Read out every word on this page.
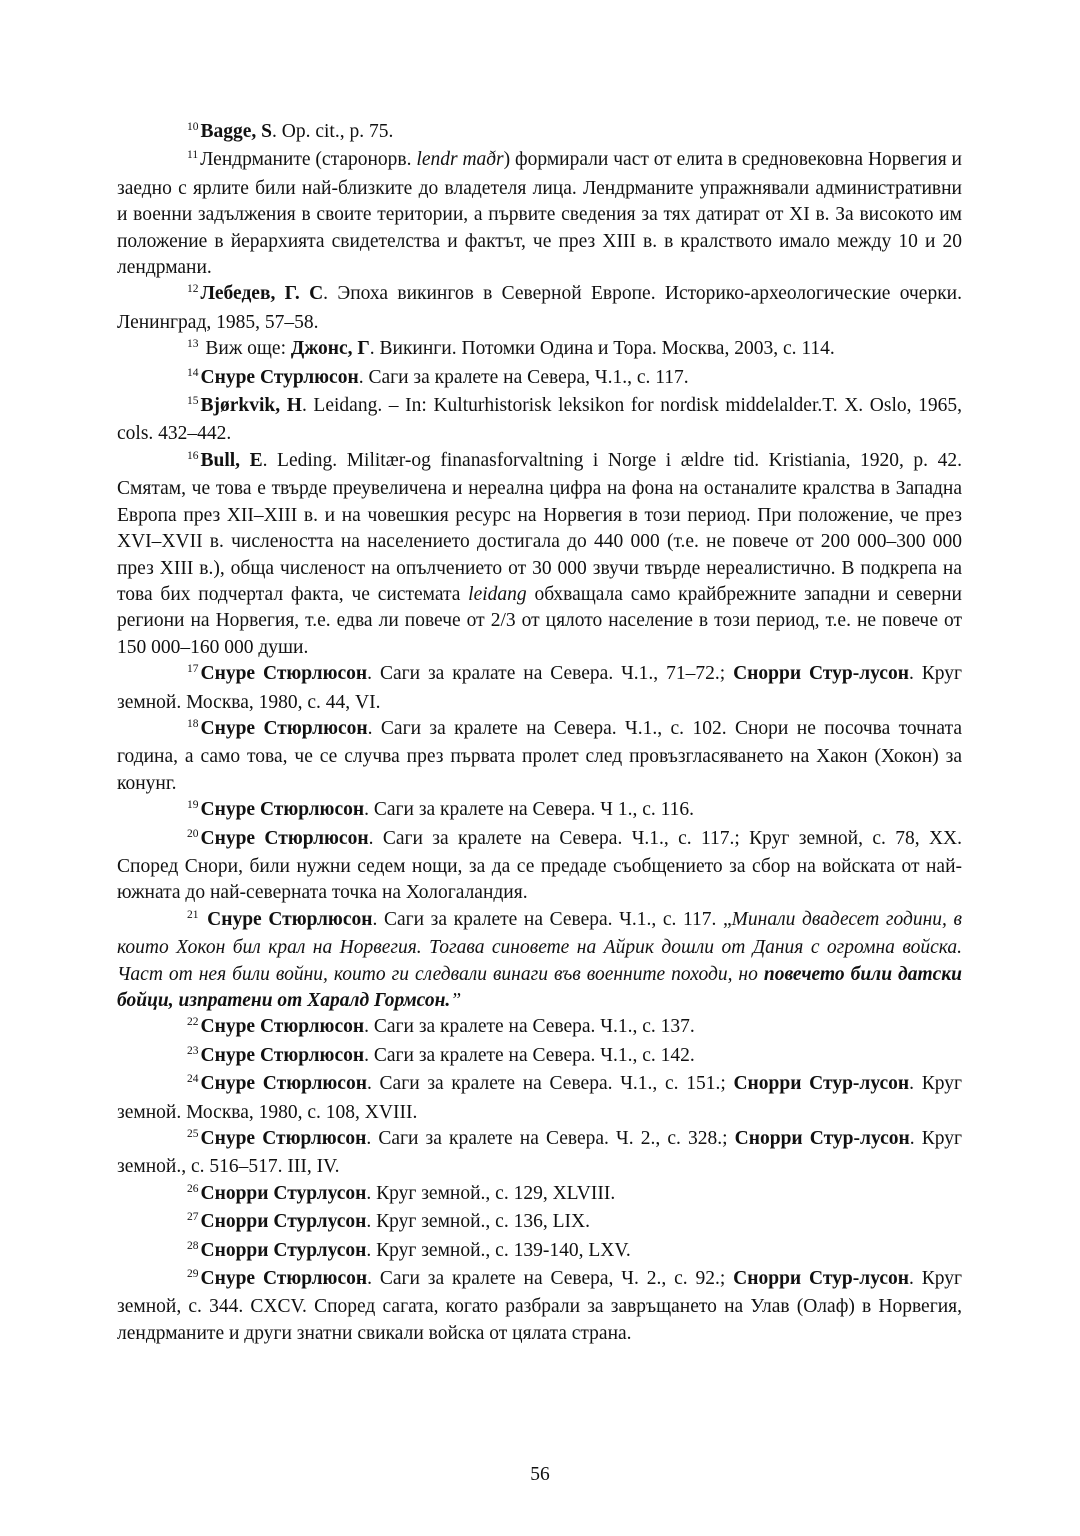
$^{10}$ Bagge, S. Op. cit., p. 75.

$^{11}$ Лендрманите (старонорв. lendr maðr) формирали част от елита в средновековна Норвегия и заедно с ярлите били най-близките до владетеля лица. Лендрманите упражнявали административни и военни задължения в своите територии, а първите сведения за тях датират от XI в. За високото им положение в йерархията свидетелства и фактът, че през XIII в. в кралството имало между 10 и 20 лендрмани.

$^{12}$ Лебедев, Г. С. Эпоха викингов в Северной Европе. Историко-археологические очерки. Ленинград, 1985, 57–58.

$^{13}$ Виж още: Джонс, Г. Викинги. Потомки Одина и Тора. Москва, 2003, с. 114.

$^{14}$ Снуре Стурлюсон. Саги за кралете на Севера, Ч.1., с. 117.

$^{15}$ Bjørkvik, H. Leidang. – In: Kulturhistorisk leksikon for nordisk middelalder.T. X. Oslo, 1965, cols. 432–442.

$^{16}$ Bull, E. Leding. Militær-og finanasforvaltning i Norge i ældre tid. Kristiania, 1920, p. 42. Смятам, че това е твърде преувеличена и нереална цифра на фона на останалите кралства в Западна Европа през XII–XIII в. и на човешкия ресурс на Норвегия в този период. При положение, че през XVI–XVII в. числеността на населението достигала до 440 000 (т.е. не повече от 200 000–300 000 през XIII в.), обща численост на опълчението от 30 000 звучи твърде нереалистично. В подкрепа на това бих подчертал факта, че системата leidang обхващала само крайбрежните западни и северни региони на Норвегия, т.е. едва ли повече от 2/3 от цялото население в този период, т.е. не повече от 150 000–160 000 души.

$^{17}$ Снуре Стюрлюсон. Саги за кралате на Севера. Ч.1., 71–72.; Снорри Стур-лусон. Круг земной. Москва, 1980, с. 44, VI.

$^{18}$ Снуре Стюрлюсон. Саги за кралете на Севера. Ч.1., с. 102. Снори не посочва точната година, а само това, че се случва през първата пролет след провъзгласяването на Хакон (Хокон) за конунг.

$^{19}$ Снуре Стюрлюсон. Саги за кралете на Севера. Ч 1., с. 116.

$^{20}$ Снуре Стюрлюсон. Саги за кралете на Севера. Ч.1., с. 117.; Круг земной, с. 78, XX. Според Снори, били нужни седем нощи, за да се предаде съобщението за сбор на войската от най-южната до най-северната точка на Хологаландия.

$^{21}$ Снуре Стюрлюсон. Саги за кралете на Севера. Ч.1., с. 117. „Минали двадесет години, в които Хокон бил крал на Норвегия. Тогава синовете на Айрик дошли от Дания с огромна войска. Част от нея били войни, които ги следвали винаги във военните походи, но повечето били датски бойци, изпратени от Харалд Гормсон.”

$^{22}$ Снуре Стюрлюсон. Саги за кралете на Севера. Ч.1., с. 137.

$^{23}$ Снуре Стюрлюсон. Саги за кралете на Севера. Ч.1., с. 142.

$^{24}$ Снуре Стюрлюсон. Саги за кралете на Севера. Ч.1., с. 151.; Снорри Стур-лусон. Круг земной. Москва, 1980, с. 108, XVIII.

$^{25}$ Снуре Стюрлюсон. Саги за кралете на Севера. Ч. 2., с. 328.; Снорри Стур-лусон. Круг земной., с. 516–517. III, IV.

$^{26}$ Снорри Стурлусон. Круг земной., с. 129, XLVIII.

$^{27}$ Снорри Стурлусон. Круг земной., с. 136, LIX.

$^{28}$ Снорри Стурлусон. Круг земной., с. 139-140, LXV.

$^{29}$ Снуре Стюрлюсон. Саги за кралете на Севера, Ч. 2., с. 92.; Снорри Стур-лусон. Круг земной, с. 344. CXCV. Според сагата, когато разбрали за завръщането на Улав (Олаф) в Норвегия, лендрманите и други знатни свикали войска от цялата страна.

56
